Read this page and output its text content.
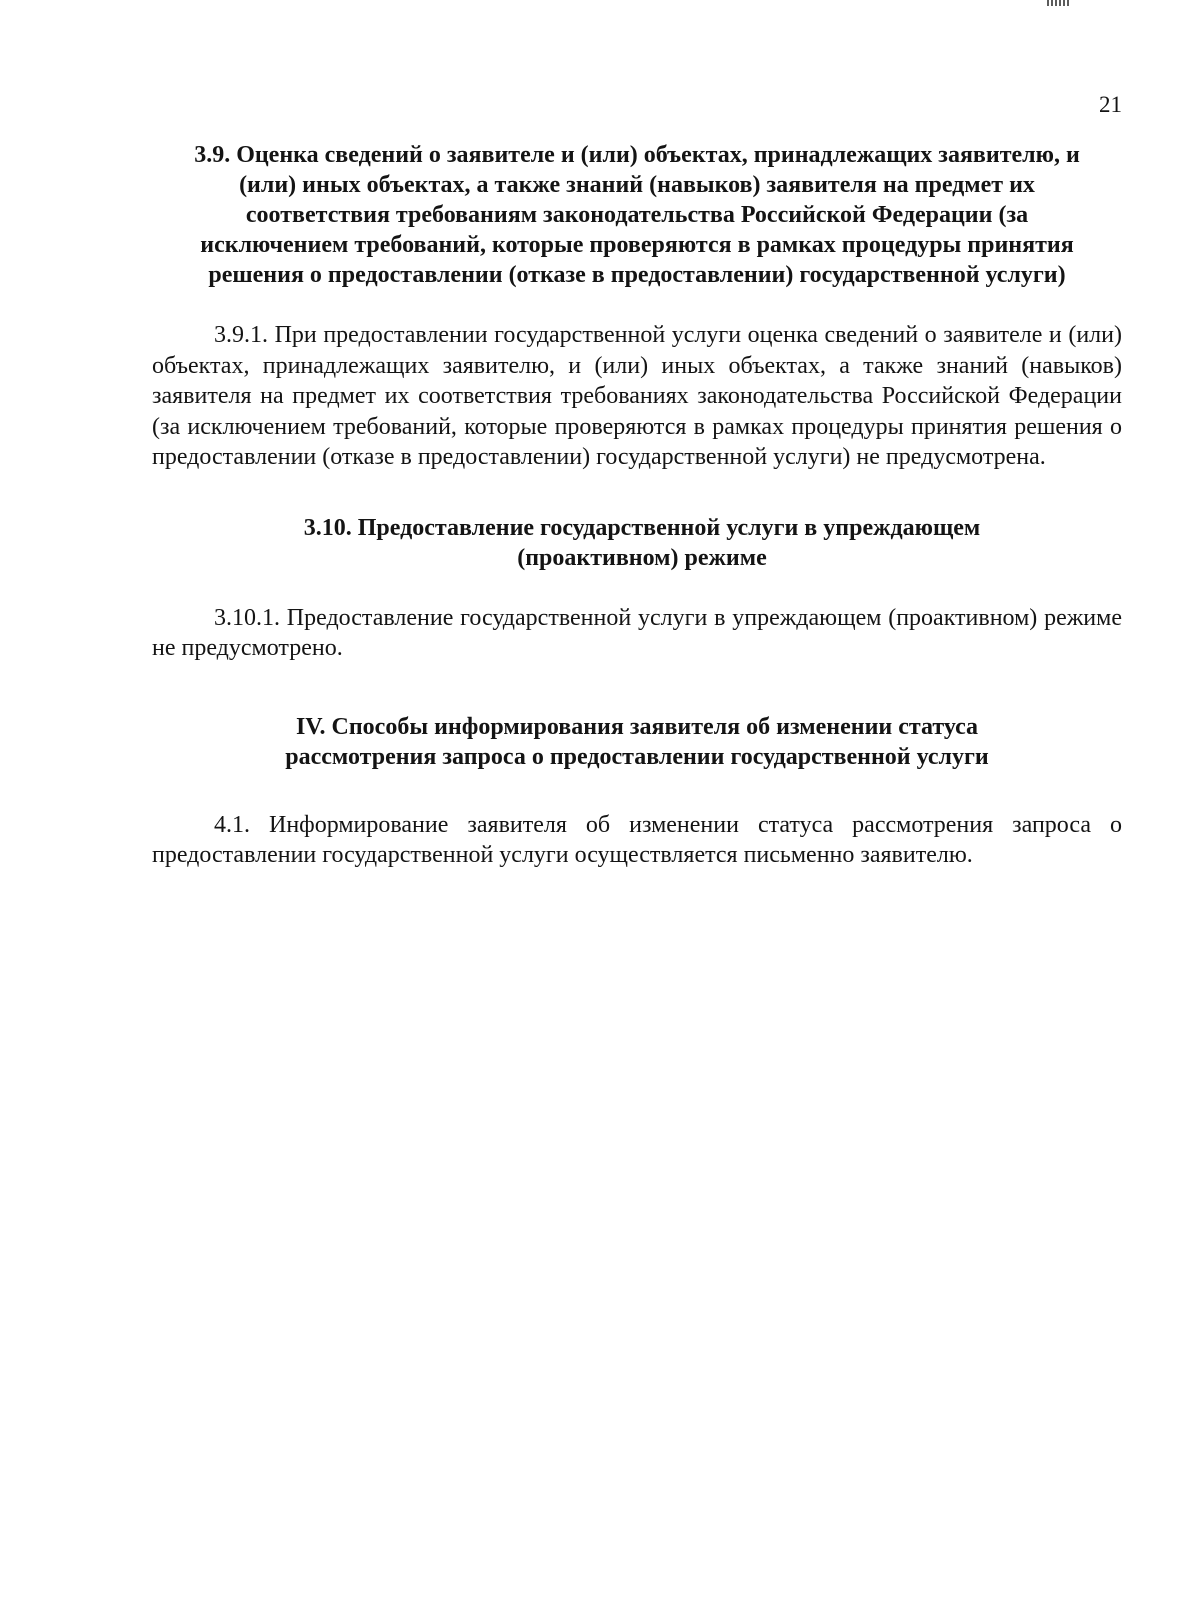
21
3.9. Оценка сведений о заявителе и (или) объектах, принадлежащих заявителю, и (или) иных объектах, а также знаний (навыков) заявителя на предмет их соответствия требованиям законодательства Российской Федерации (за исключением требований, которые проверяются в рамках процедуры принятия решения о предоставлении (отказе в предоставлении) государственной услуги)

3.9.1. При предоставлении государственной услуги оценка сведений о заявителе и (или) объектах, принадлежащих заявителю, и (или) иных объектах, а также знаний (навыков) заявителя на предмет их соответствия требованиях законодательства Российской Федерации (за исключением требований, которые проверяются в рамках процедуры принятия решения о предоставлении (отказе в предоставлении) государственной услуги) не предусмотрена.

3.10. Предоставление государственной услуги в упреждающем (проактивном) режиме

3.10.1. Предоставление государственной услуги в упреждающем (проактивном) режиме не предусмотрено.

IV. Способы информирования заявителя об изменении статуса рассмотрения запроса о предоставлении государственной услуги

4.1. Информирование заявителя об изменении статуса рассмотрения запроса о предоставлении государственной услуги осуществляется письменно заявителю.
